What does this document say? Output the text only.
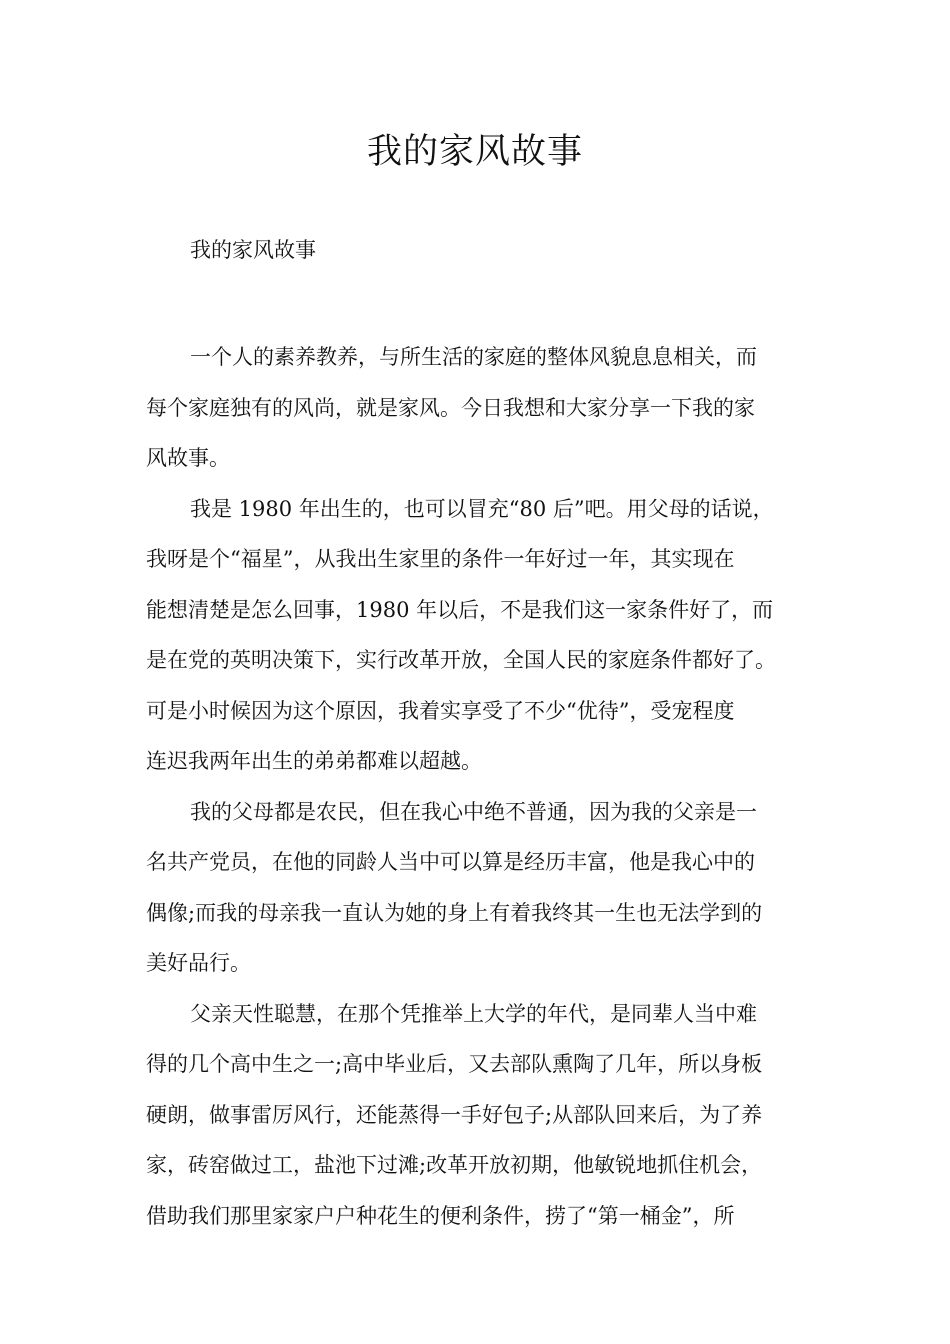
我的家风故事
我的家风故事

一个人的素养教养，与所生活的家庭的整体风貌息息相关，而
每个家庭独有的风尚，就是家风。今日我想和大家分享一下我的家
风故事。

我是 1980 年出生的，也可以冒充“80 后”吧。用父母的话说，
我呀是个“福星”，从我出生家里的条件一年好过一年，其实现在
能想清楚是怎么回事，1980 年以后，不是我们这一家条件好了，而
是在党的英明决策下，实行改革开放，全国人民的家庭条件都好了。
可是小时候因为这个原因，我着实享受了不少“优待”，受宠程度
连迟我两年出生的弟弟都难以超越。

我的父母都是农民，但在我心中绝不普通，因为我的父亲是一
名共产党员，在他的同龄人当中可以算是经历丰富，他是我心中的
偶像;而我的母亲我一直认为她的身上有着我终其一生也无法学到的
美好品行。

父亲天性聪慧，在那个凭推举上大学的年代，是同辈人当中难
得的几个高中生之一;高中毕业后，又去部队熏陶了几年，所以身板
硬朗，做事雷厉风行，还能蒸得一手好包子;从部队回来后，为了养
家，砖窑做过工，盐池下过滩;改革开放初期，他敏锐地抓住机会，
借助我们那里家家户户种花生的便利条件，捞了“第一桶金”，所
